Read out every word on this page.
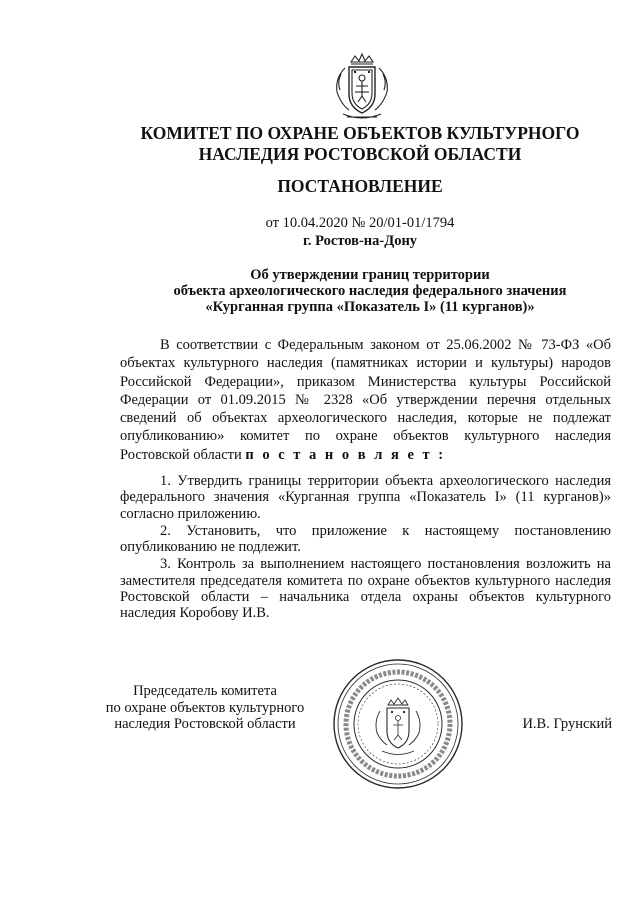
КОМИТЕТ ПО ОХРАНЕ ОБЪЕКТОВ КУЛЬТУРНОГО
НАСЛЕДИЯ РОСТОВСКОЙ ОБЛАСТИ
ПОСТАНОВЛЕНИЕ
от 10.04.2020 № 20/01-01/1794
г. Ростов-на-Дону
Об утверждении границ территории
объекта археологического наследия федерального значения
«Курганная группа «Показатель I» (11 курганов)»

В соответствии с Федеральным законом от 25.06.2002 № 73-ФЗ «Об объектах культурного наследия (памятниках истории и культуры) народов Российской Федерации», приказом Министерства культуры Российской Федерации от 01.09.2015 № 2328 «Об утверждении перечня отдельных сведений об объектах археологического наследия, которые не подлежат опубликованию» комитет по охране объектов культурного наследия Ростовской области п о с т а н о в л я е т :

1. Утвердить границы территории объекта археологического наследия федерального значения «Курганная группа «Показатель I» (11 курганов)» согласно приложению.

2. Установить, что приложение к настоящему постановлению опубликованию не подлежит.

3. Контроль за выполнением настоящего постановления возложить на заместителя председателя комитета по охране объектов культурного наследия Ростовской области – начальника отдела охраны объектов культурного наследия Коробову И.В.

Председатель комитета
по охране объектов культурного
наследия Ростовской области	И.В. Грунский
